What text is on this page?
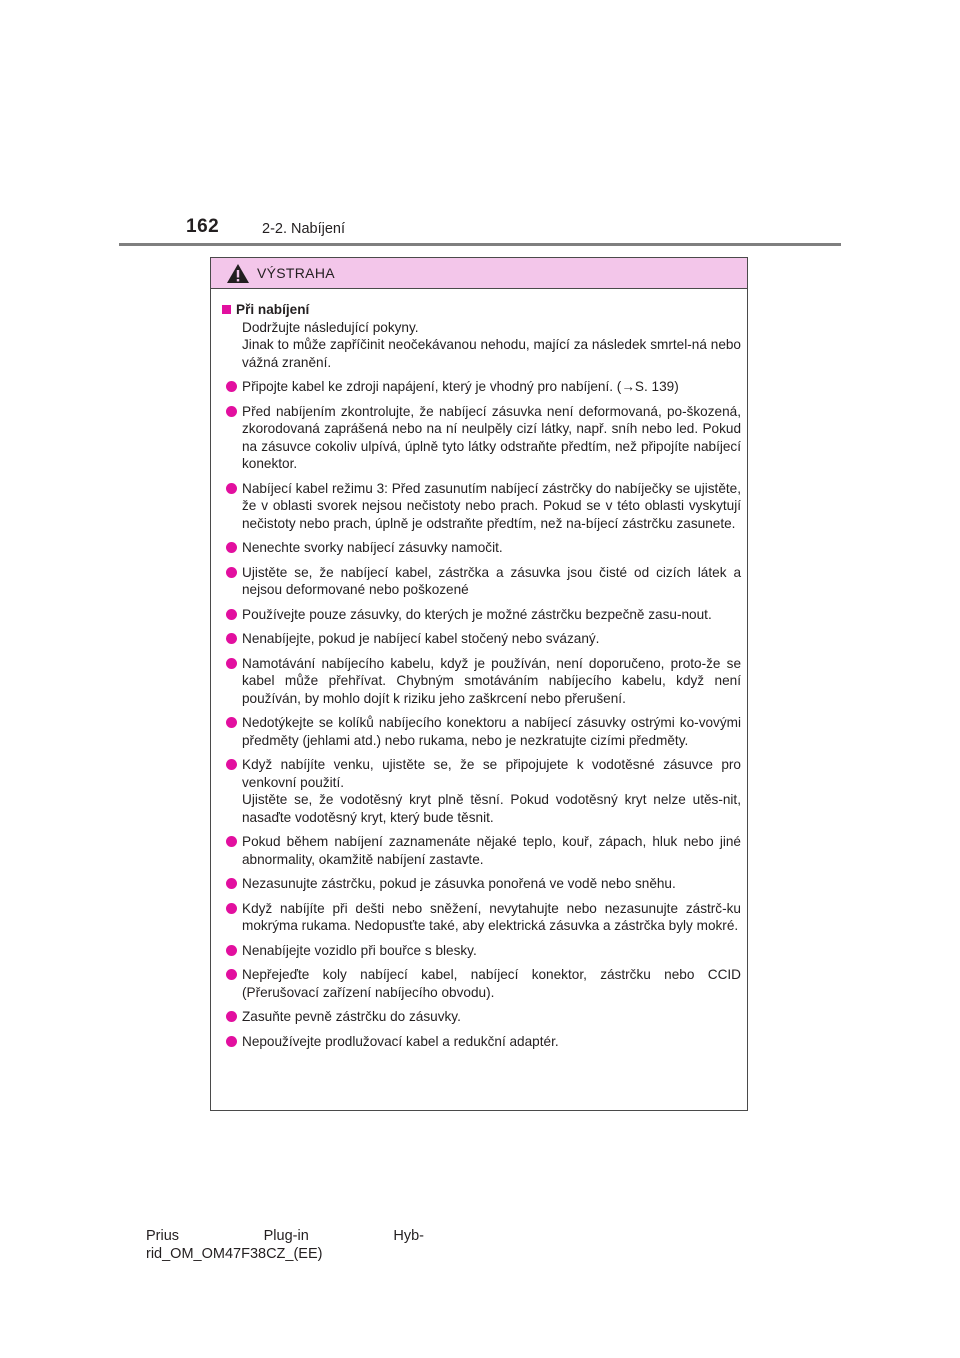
162	2-2. Nabíjení
VÝSTRAHA
Při nabíjení

Dodržujte následující pokyny.

Jinak to může zapříčinit neočekávanou nehodu, mající za následek smrtel-ná nebo vážná zranění.

Připojte kabel ke zdroji napájení, který je vhodný pro nabíjení. (→S. 139)
Před nabíjením zkontrolujte, že nabíjecí zásuvka není deformovaná, po-škozená, zkorodovaná zaprášená nebo na ní neulpěly cizí látky, např. sníh nebo led. Pokud na zásuvce cokoliv ulpívá, úplně tyto látky odstraňte předtím, než připojíte nabíjecí konektor.
Nabíjecí kabel režimu 3: Před zasunutím nabíjecí zástrčky do nabíječky se ujistěte, že v oblasti svorek nejsou nečistoty nebo prach. Pokud se v této oblasti vyskytují nečistoty nebo prach, úplně je odstraňte předtím, než na-bíjecí zástrčku zasunete.
Nenechte svorky nabíjecí zásuvky namočit.
Ujistěte se, že nabíjecí kabel, zástrčka a zásuvka jsou čisté od cizích látek a nejsou deformované nebo poškozené
Používejte pouze zásuvky, do kterých je možné zástrčku bezpečně zasu-nout.
Nenabíjejte, pokud je nabíjecí kabel stočený nebo svázaný.
Namotávání nabíjecího kabelu, když je používán, není doporučeno, proto-že se kabel může přehřívat. Chybným smotáváním nabíjecího kabelu, když není používán, by mohlo dojít k riziku jeho zaškrcení nebo přerušení.
Nedotýkejte se kolíků nabíjecího konektoru a nabíjecí zásuvky ostrými ko-vovými předměty (jehlami atd.) nebo rukama, nebo je nezkratujte cizími předměty.
Když nabíjíte venku, ujistěte se, že se připojujete k vodotěsné zásuvce pro venkovní použití.
Ujistěte se, že vodotěsný kryt plně těsní. Pokud vodotěsný kryt nelze utěs-nit, nasaďte vodotěsný kryt, který bude těsnit.
Pokud během nabíjení zaznamenáte nějaké teplo, kouř, zápach, hluk nebo jiné abnormality, okamžitě nabíjení zastavte.
Nezasunujte zástrčku, pokud je zásuvka ponořená ve vodě nebo sněhu.
Když nabíjíte při dešti nebo sněžení, nevytahujte nebo nezasunujte zástrč-ku mokrýma rukama. Nedopusťte také, aby elektrická zásuvka a zástrčka byly mokré.
Nenabíjejte vozidlo při bouřce s blesky.
Nepřejeďte koly nabíjecí kabel, nabíjecí konektor, zástrčku nebo CCID (Přerušovací zařízení nabíjecího obvodu).
Zasuňte pevně zástrčku do zásuvky.
Nepoužívejte prodlužovací kabel a redukční adaptér.
Prius	Plug-in	Hyb-
rid_OM_OM47F38CZ_(EE)
